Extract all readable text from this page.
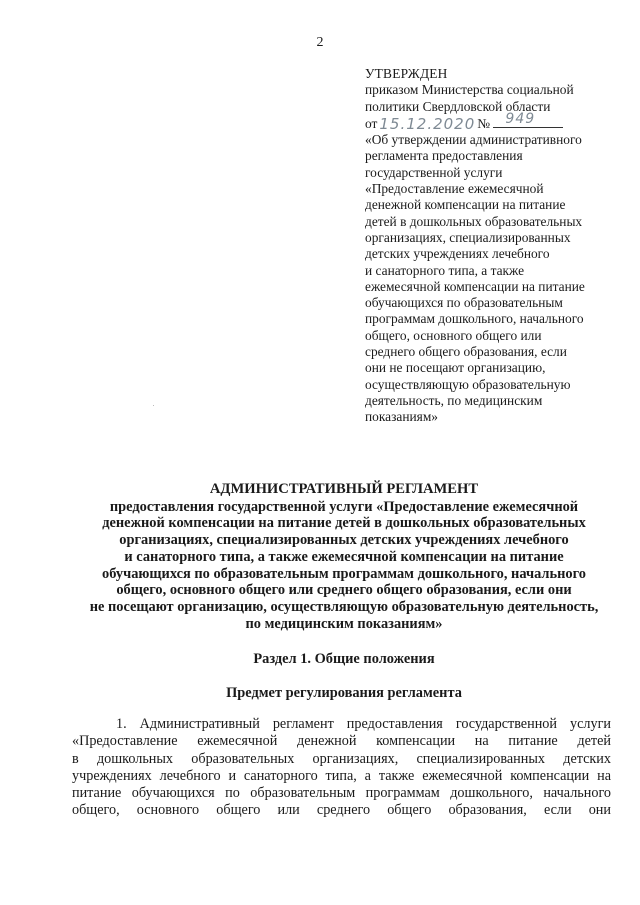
2
УТВЕРЖДЕН
приказом Министерства социальной
политики Свердловской области
от 15.12.2020 № 949
«Об утверждении административного
регламента предоставления
государственной услуги
«Предоставление ежемесячной
денежной компенсации на питание
детей в дошкольных образовательных
организациях, специализированных
детских учреждениях лечебного
и санаторного типа, а также
ежемесячной компенсации на питание
обучающихся по образовательным
программам дошкольного, начального
общего, основного общего или
среднего общего образования, если
они не посещают организацию,
осуществляющую образовательную
деятельность, по медицинским
показаниям»
АДМИНИСТРАТИВНЫЙ РЕГЛАМЕНТ
предоставления государственной услуги «Предоставление ежемесячной
денежной компенсации на питание детей в дошкольных образовательных
организациях, специализированных детских учреждениях лечебного
и санаторного типа, а также ежемесячной компенсации на питание
обучающихся по образовательным программам дошкольного, начального
общего, основного общего или среднего общего образования, если они
не посещают организацию, осуществляющую образовательную деятельность,
по медицинским показаниям»
Раздел 1. Общие положения
Предмет регулирования регламента
1. Административный регламент предоставления государственной услуги
«Предоставление ежемесячной денежной компенсации на питание детей
в дошкольных образовательных организациях, специализированных детских
учреждениях лечебного и санаторного типа, а также ежемесячной компенсации на
питание обучающихся по образовательным программам дошкольного, начального
общего, основного общего или среднего общего образования, если они
